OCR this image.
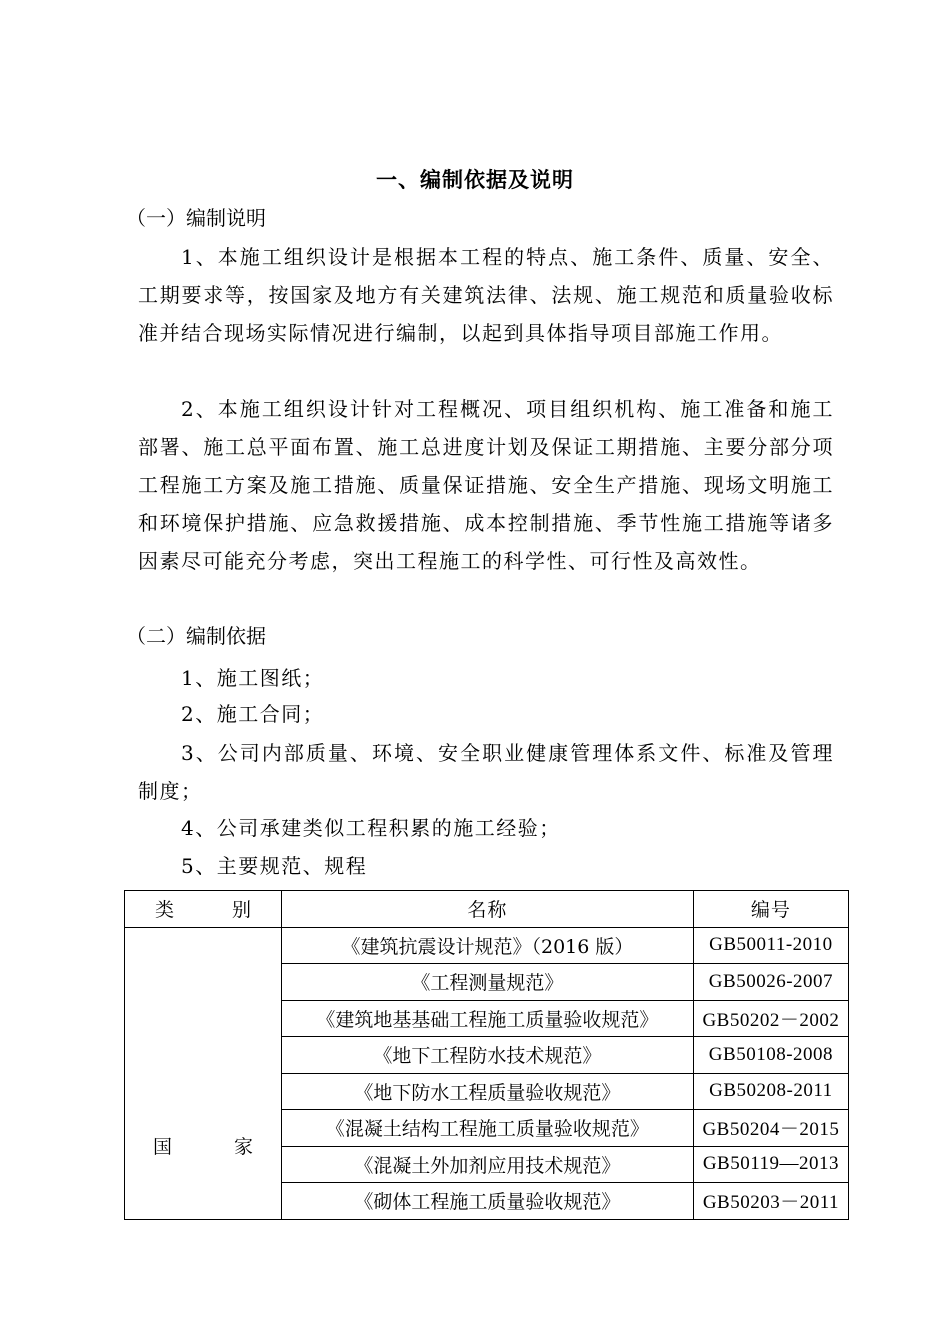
一、编制依据及说明
（一）编制说明

1、本施工组织设计是根据本工程的特点、施工条件、质量、安全、工期要求等，按国家及地方有关建筑法律、法规、施工规范和质量验收标准并结合现场实际情况进行编制，以起到具体指导项目部施工作用。

2、本施工组织设计针对工程概况、项目组织机构、施工准备和施工部署、施工总平面布置、施工总进度计划及保证工期措施、主要分部分项工程施工方案及施工措施、质量保证措施、安全生产措施、现场文明施工和环境保护措施、应急救援措施、成本控制措施、季节性施工措施等诸多因素尽可能充分考虑，突出工程施工的科学性、可行性及高效性。

（二）编制依据
1、施工图纸；
2、施工合同；

3、公司内部质量、环境、安全职业健康管理体系文件、标准及管理制度；

4、公司承建类似工程积累的施工经验；
5、主要规范、规程
类 别	名称	编号
国 家	《建筑抗震设计规范》（2016 版）	GB50011-2010
	《工程测量规范》	GB50026-2007
	《建筑地基基础工程施工质量验收规范》	GB50202－2002
	《地下工程防水技术规范》	GB50108-2008
	《地下防水工程质量验收规范》	GB50208-2011
	《混凝土结构工程施工质量验收规范》	GB50204－2015
	《混凝土外加剂应用技术规范》	GB50119—2013
	《砌体工程施工质量验收规范》	GB50203－2011
